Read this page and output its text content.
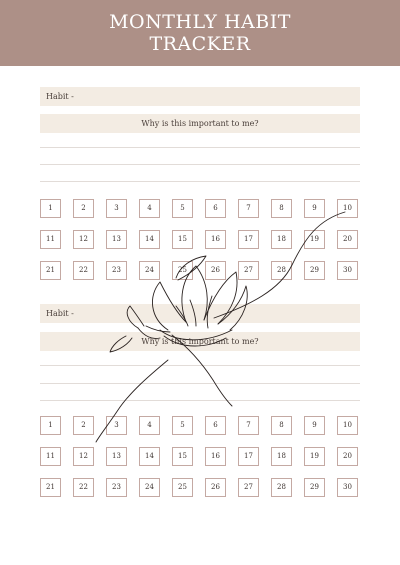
MONTHLY HABIT
TRACKER
Habit -
Why is this important to me?
1	2	3	4	5	6	7	8	9	10
11	12	13	14	15	16	17	18	19	20
21	22	23	24	25	26	27	28	29	30
Habit -
Why is this important to me?
1	2	3	4	5	6	7	8	9	10
11	12	13	14	15	16	17	18	19	20
21	22	23	24	25	26	27	28	29	30
